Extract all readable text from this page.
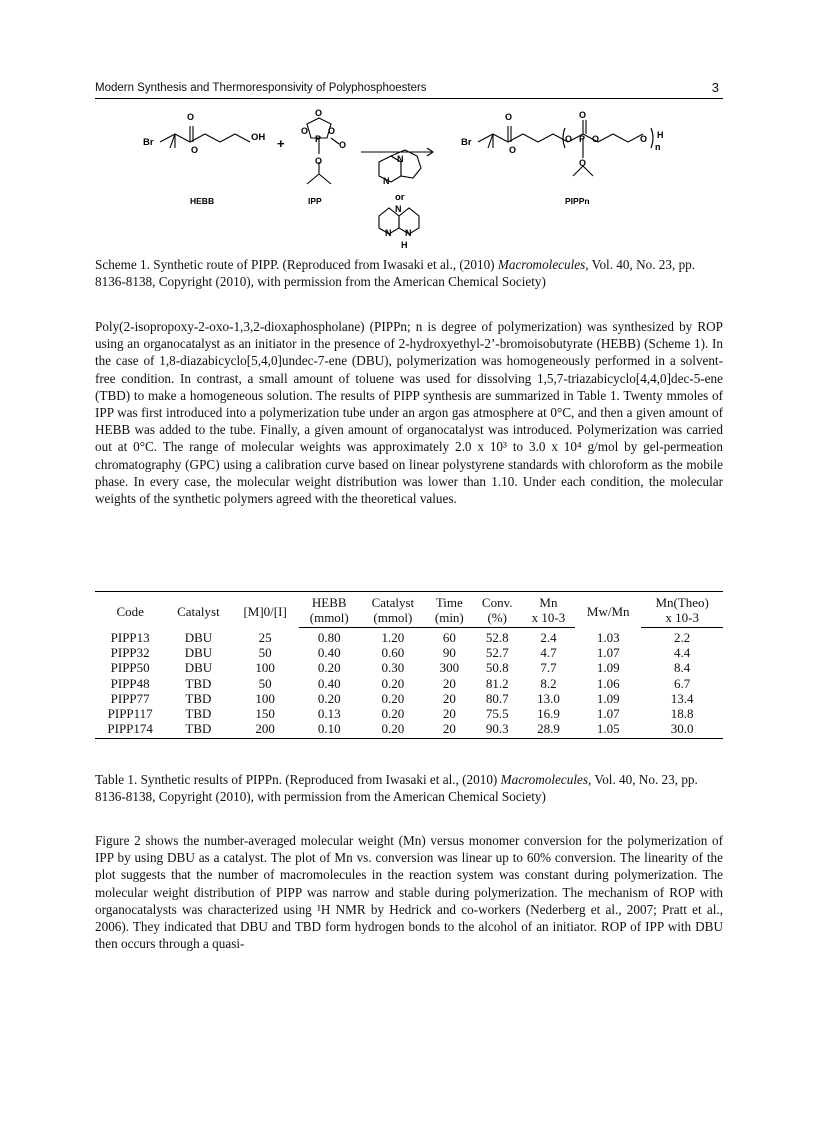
Modern Synthesis and Thermoresponsivity of Polyphosphoesters	3
Br	OH +	Br
or
HEBB	IPP	PIPPn
O
O
O
O O
P
O
O
O
O
O
O
P O
O
O H
n
N
N
N
N N
H
Scheme 1. Synthetic route of PIPP. (Reproduced from Iwasaki et al., (2010) Macromolecules, Vol. 40, No. 23, pp. 8136-8138, Copyright (2010), with permission from the American Chemical Society)
Poly(2-isopropoxy-2-oxo-1,3,2-dioxaphospholane) (PIPPn; n is degree of polymerization) was synthesized by ROP using an organocatalyst as an initiator in the presence of 2-hydroxyethyl-2’-bromoisobutyrate (HEBB) (Scheme 1). In the case of 1,8-diazabicyclo[5,4,0]undec-7-ene (DBU), polymerization was homogeneously performed in a solvent-free condition. In contrast, a small amount of toluene was used for dissolving 1,5,7-triazabicyclo[4,4,0]dec-5-ene (TBD) to make a homogeneous solution. The results of PIPP synthesis are summarized in Table 1. Twenty mmoles of IPP was first introduced into a polymerization tube under an argon gas atmosphere at 0°C, and then a given amount of HEBB was added to the tube. Finally, a given amount of organocatalyst was introduced. Polymerization was carried out at 0°C. The range of molecular weights was approximately 2.0 x 10³ to 3.0 x 10⁴ g/mol by gel-permeation chromatography (GPC) using a calibration curve based on linear polystyrene standards with chloroform as the mobile phase. In every case, the molecular weight distribution was lower than 1.10. Under each condition, the molecular weights of the synthetic polymers agreed with the theoretical values.
Code	Catalyst	[M]0/[I]	HEBB	Catalyst	Time	Conv.	Mn	Mw/Mn	Mn(Theo)
			(mmol)	(mmol)	(min)	(%)	x 10-3		x 10-3
PIPP13	DBU	25	0.80	1.20	60	52.8	2.4	1.03	2.2
PIPP32	DBU	50	0.40	0.60	90	52.7	4.7	1.07	4.4
PIPP50	DBU	100	0.20	0.30	300	50.8	7.7	1.09	8.4
PIPP48	TBD	50	0.40	0.20	20	81.2	8.2	1.06	6.7
PIPP77	TBD	100	0.20	0.20	20	80.7	13.0	1.09	13.4
PIPP117	TBD	150	0.13	0.20	20	75.5	16.9	1.07	18.8
PIPP174	TBD	200	0.10	0.20	20	90.3	28.9	1.05	30.0
Table 1. Synthetic results of PIPPn. (Reproduced from Iwasaki et al., (2010) Macromolecules, Vol. 40, No. 23, pp. 8136-8138, Copyright (2010), with permission from the American Chemical Society)
Figure 2 shows the number-averaged molecular weight (Mn) versus monomer conversion for the polymerization of IPP by using DBU as a catalyst. The plot of Mn vs. conversion was linear up to 60% conversion. The linearity of the plot suggests that the number of macromolecules in the reaction system was constant during polymerization. The molecular weight distribution of PIPP was narrow and stable during polymerization. The mechanism of ROP with organocatalysts was characterized using ¹H NMR by Hedrick and co-workers (Nederberg et al., 2007; Pratt et al., 2006). They indicated that DBU and TBD form hydrogen bonds to the alcohol of an initiator. ROP of IPP with DBU then occurs through a quasi-
